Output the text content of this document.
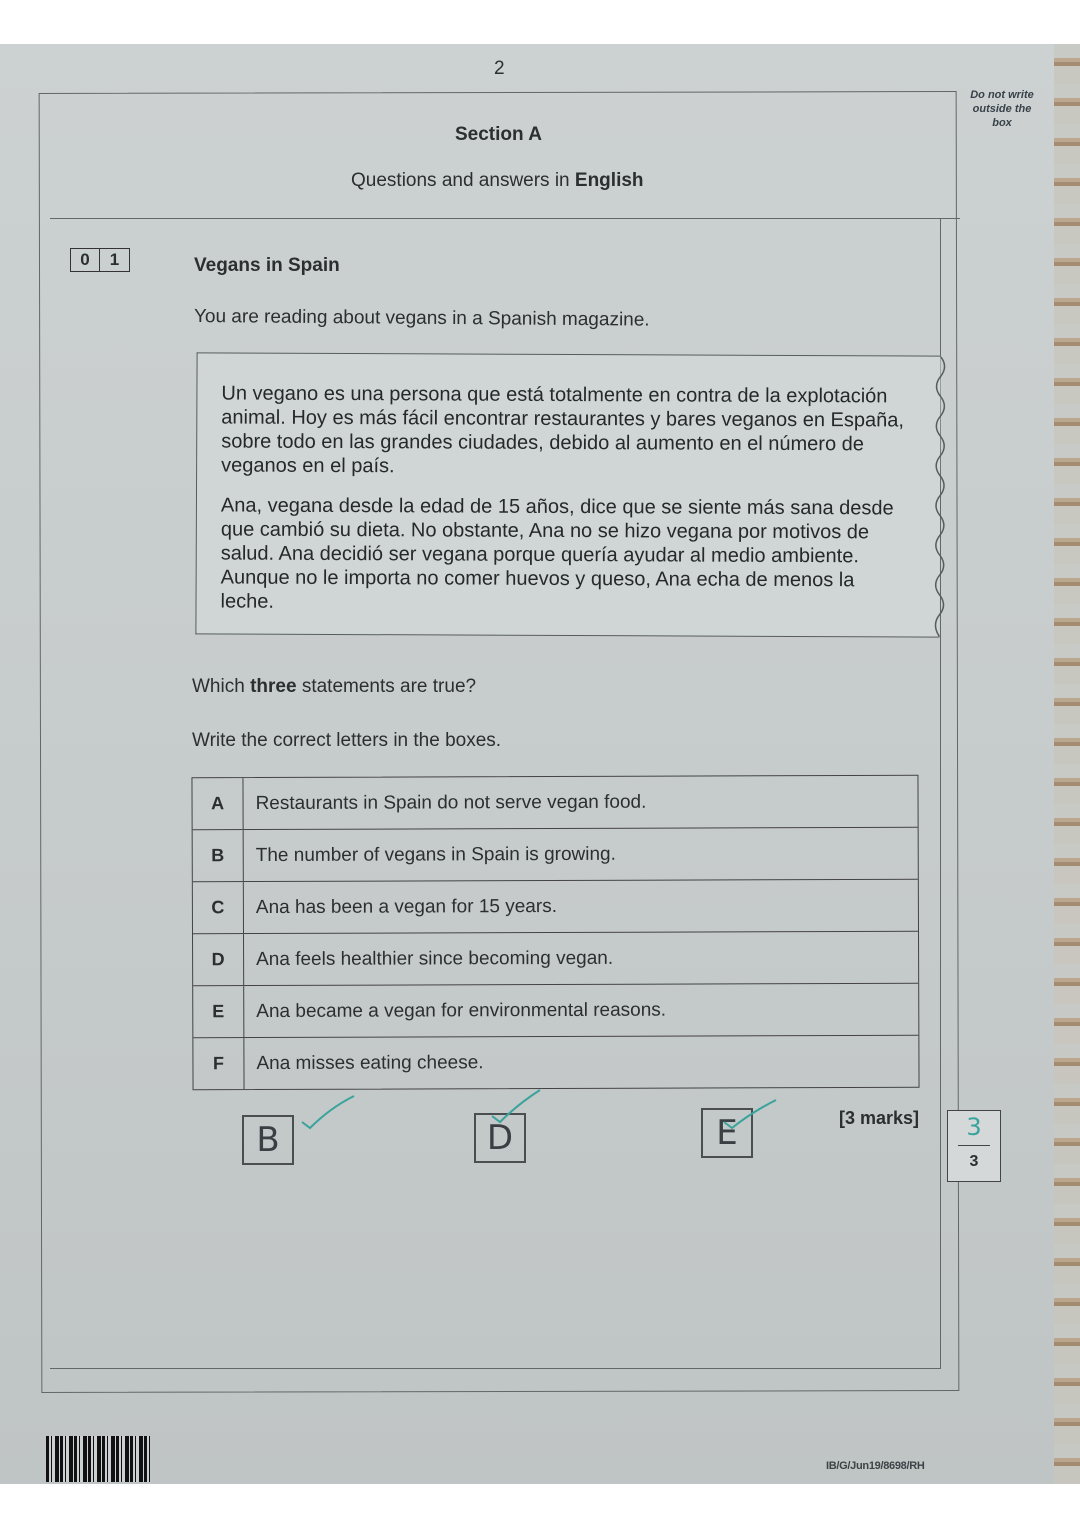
2
Do not write outside the box
Section A
Questions and answers in English
0	1	Vegans in Spain
You are reading about vegans in a Spanish magazine.
Un vegano es una persona que está totalmente en contra de la explotación animal. Hoy es más fácil encontrar restaurantes y bares veganos en España, sobre todo en las grandes ciudades, debido al aumento en el número de veganos en el país.
Ana, vegana desde la edad de 15 años, dice que se siente más sana desde que cambió su dieta. No obstante, Ana no se hizo vegana por motivos de salud. Ana decidió ser vegana porque quería ayudar al medio ambiente. Aunque no le importa no comer huevos y queso, Ana echa de menos la leche.
Which three statements are true?
Write the correct letters in the boxes.
A	Restaurants in Spain do not serve vegan food.
B	The number of vegans in Spain is growing.
C	Ana has been a vegan for 15 years.
D	Ana feels healthier since becoming vegan.
E	Ana became a vegan for environmental reasons.
F	Ana misses eating cheese.
B	D	E	[3 marks]	3
3
IB/G/Jun19/8698/RH
